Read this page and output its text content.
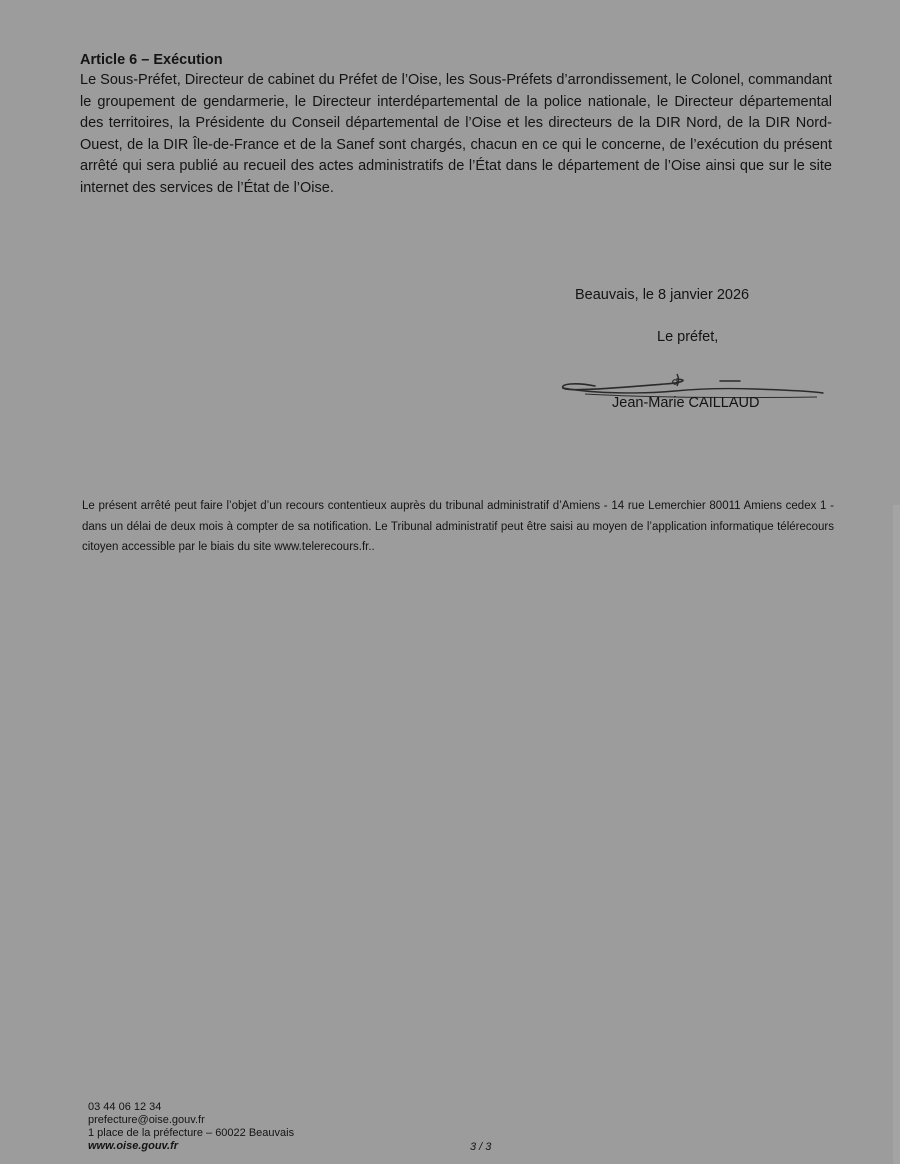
Article 6 – Exécution

Le Sous-Préfet, Directeur de cabinet du Préfet de l’Oise, les Sous-Préfets d’arrondissement, le Colonel, commandant le groupement de gendarmerie, le Directeur interdépartemental de la police nationale, le Directeur départemental des territoires, la Présidente du Conseil départemental de l’Oise et les directeurs de la DIR Nord, de la DIR Nord-Ouest, de la DIR Île-de-France et de la Sanef sont chargés, chacun en ce qui le concerne, de l’exécution du présent arrêté qui sera publié au recueil des actes administratifs de l’État dans le département de l’Oise ainsi que sur le site internet des services de l’État de l’Oise.

Beauvais, le 8 janvier 2026
Le préfet,
Jean-Marie CAILLAUD

Le présent arrêté peut faire l’objet d’un recours contentieux auprès du tribunal administratif d’Amiens - 14 rue Lemerchier 80011 Amiens cedex 1 - dans un délai de deux mois à compter de sa notification. Le Tribunal administratif peut être saisi au moyen de l’application informatique télérecours citoyen accessible par le biais du site www.telerecours.fr..

03 44 06 12 34
prefecture@oise.gouv.fr
1 place de la préfecture – 60022 Beauvais
www.oise.gouv.fr	3 / 3
